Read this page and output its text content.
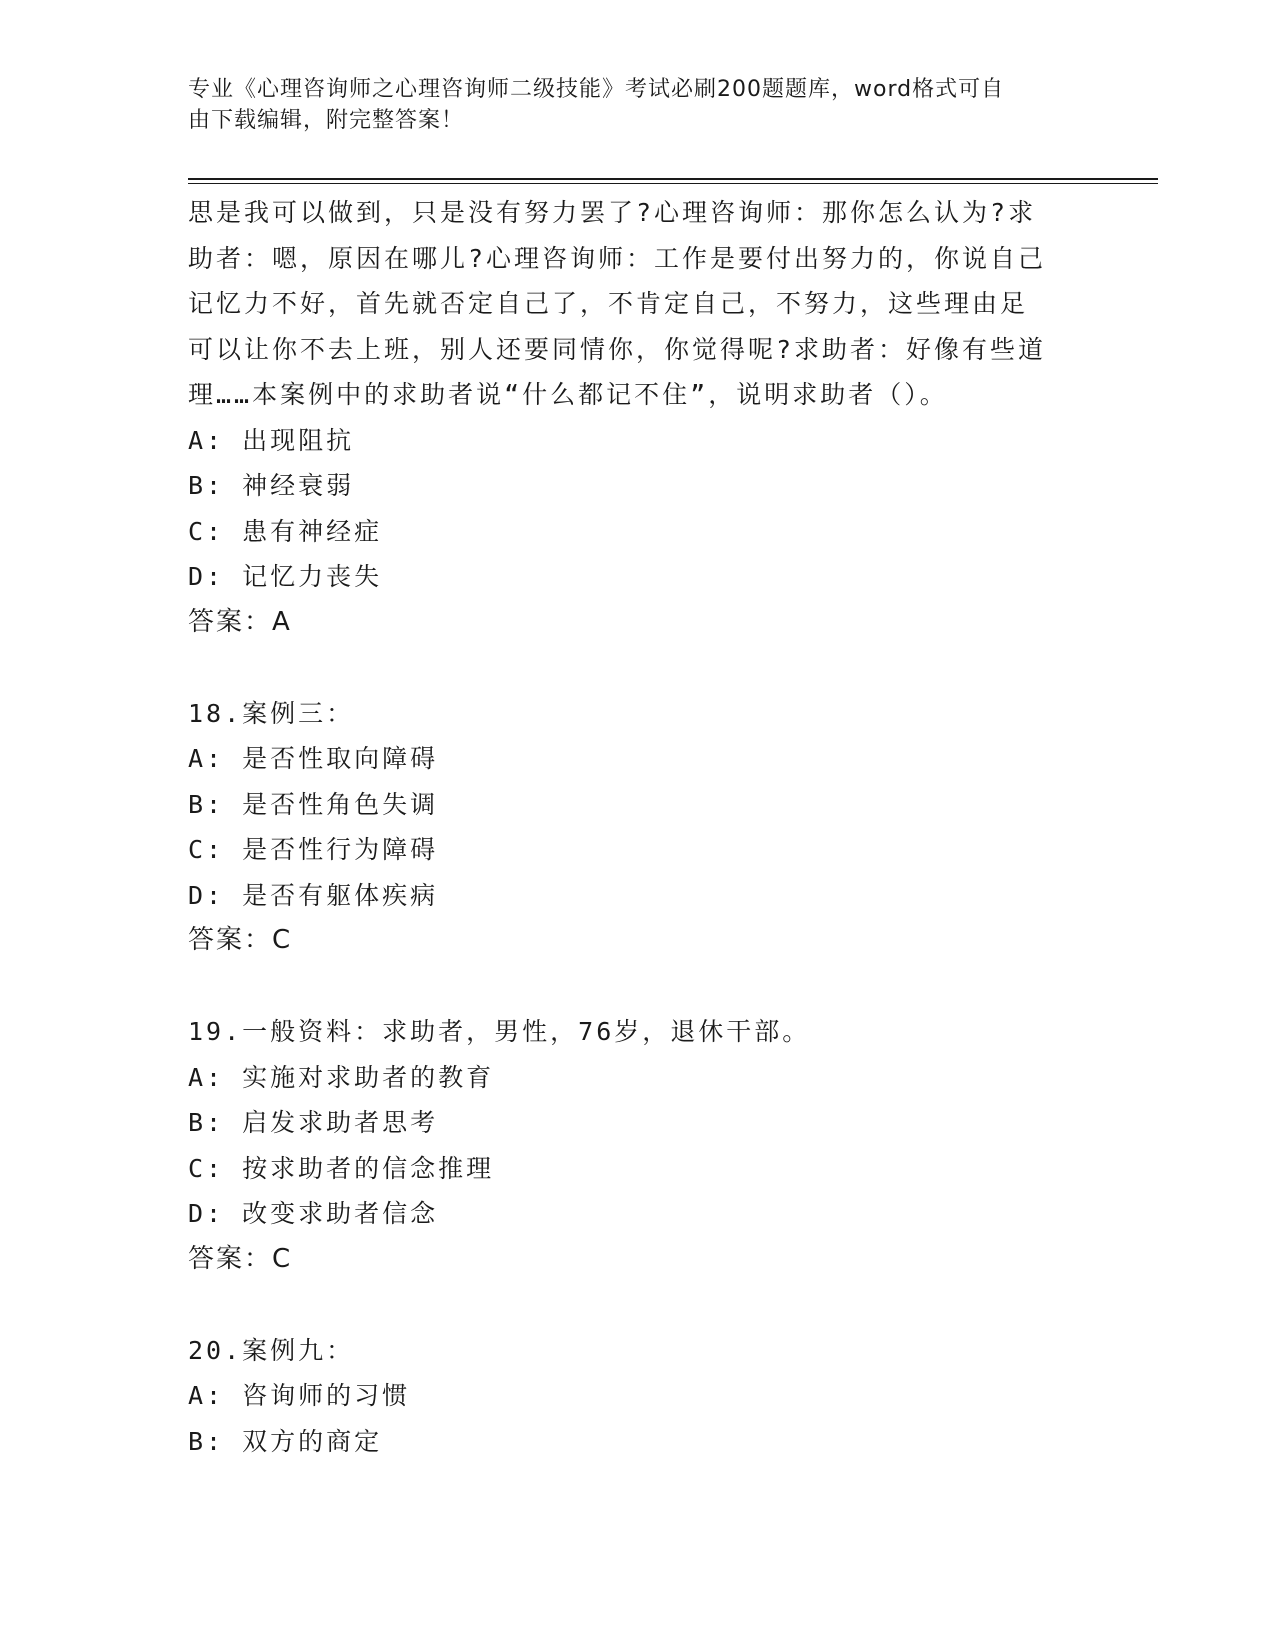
专业《心理咨询师之心理咨询师二级技能》考试必刷200题题库，word格式可自
由下载编辑，附完整答案！
思是我可以做到，只是没有努力罢了?心理咨询师：那你怎么认为?求
助者：嗯，原因在哪儿?心理咨询师：工作是要付出努力的，你说自己
记忆力不好，首先就否定自己了，不肯定自己，不努力，这些理由足
可以让你不去上班，别人还要同情你，你觉得呢?求助者：好像有些道
理……本案例中的求助者说“什么都记不住”，说明求助者（）。
A: 出现阻抗
B: 神经衰弱
C: 患有神经症
D: 记忆力丧失
答案：A
18.案例三：
A: 是否性取向障碍
B: 是否性角色失调
C: 是否性行为障碍
D: 是否有躯体疾病
答案：C
19.一般资料：求助者，男性，76岁，退休干部。
A: 实施对求助者的教育
B: 启发求助者思考
C: 按求助者的信念推理
D: 改变求助者信念
答案：C
20.案例九：
A: 咨询师的习惯
B: 双方的商定
